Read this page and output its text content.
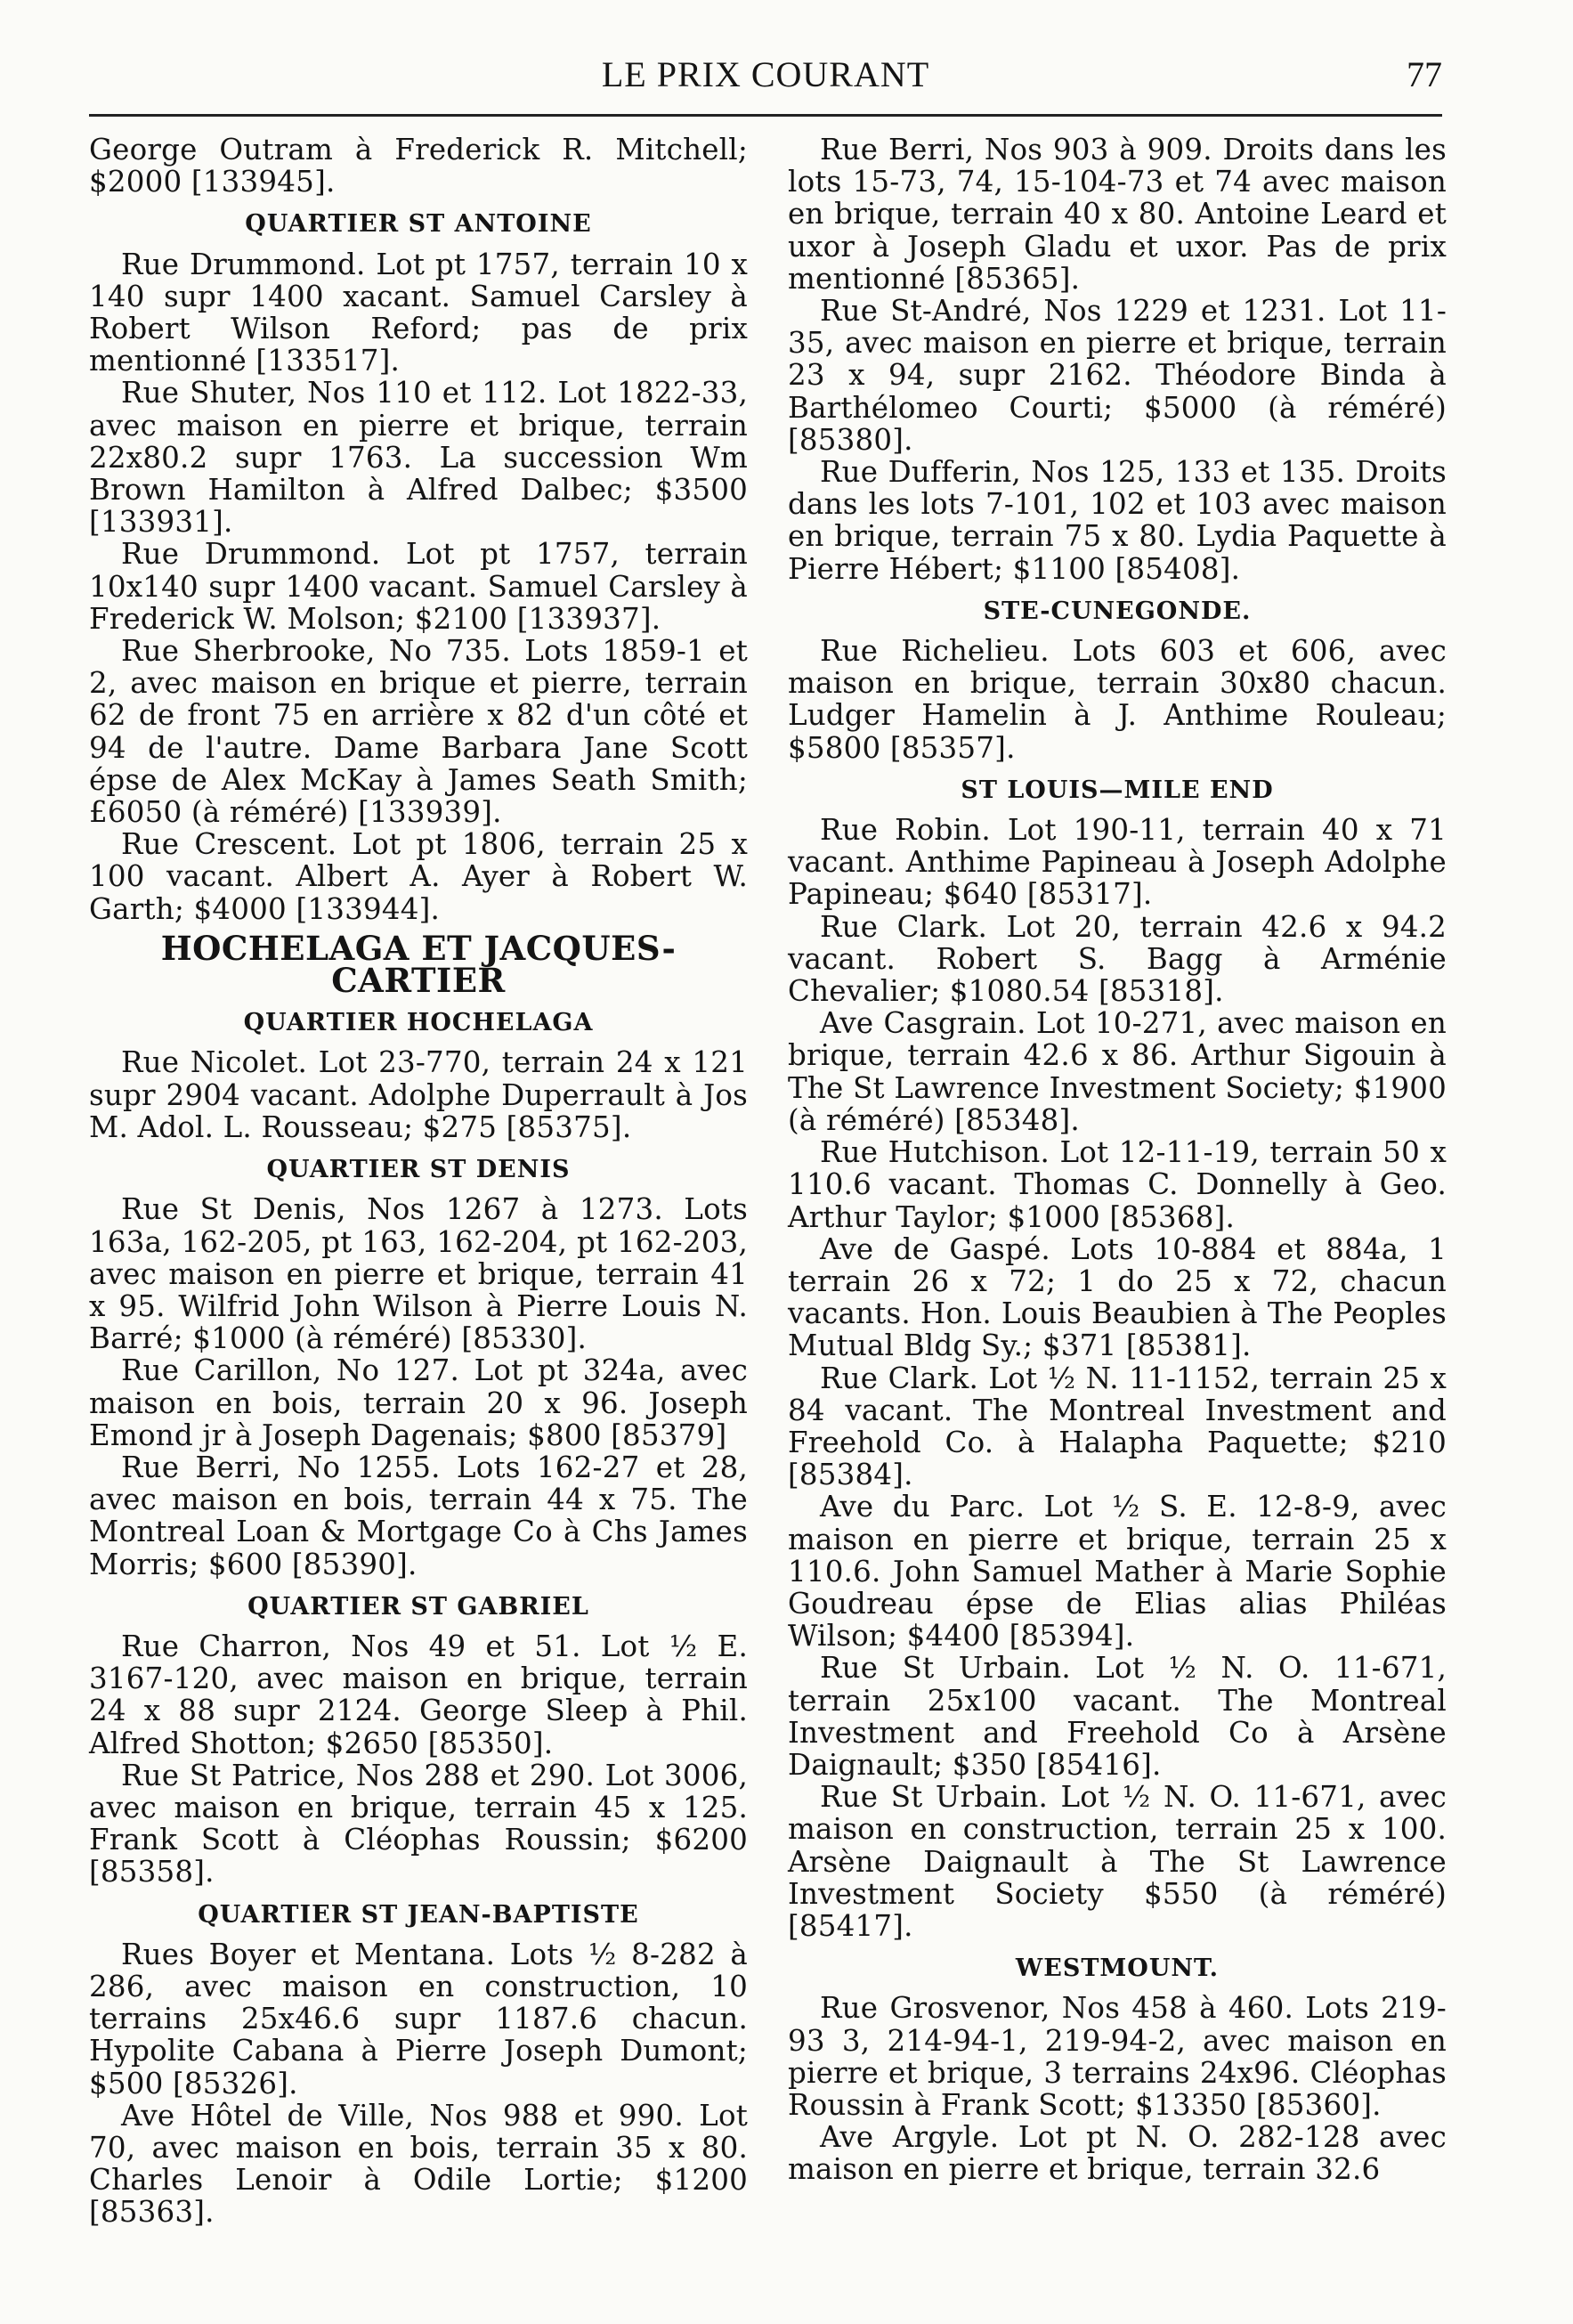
LE PRIX COURANT	77

George Outram à Frederick R. Mitchell; $2000 [133945].

QUARTIER ST ANTOINE

Rue Drummond. Lot pt 1757, terrain 10 x 140 supr 1400 xacant. Samuel Carsley à Robert Wilson Reford; pas de prix mentionné [133517].

Rue Shuter, Nos 110 et 112. Lot 1822-33, avec maison en pierre et brique, terrain 22x80.2 supr 1763. La succession Wm Brown Hamilton à Alfred Dalbec; $3500 [133931].

Rue Drummond. Lot pt 1757, terrain 10x140 supr 1400 vacant. Samuel Carsley à Frederick W. Molson; $2100 [133937].

Rue Sherbrooke, No 735. Lots 1859-1 et 2, avec maison en brique et pierre, terrain 62 de front 75 en arrière x 82 d'un côté et 94 de l'autre. Dame Barbara Jane Scott épse de Alex McKay à James Seath Smith; £6050 (à réméré) [133939].

Rue Crescent. Lot pt 1806, terrain 25 x 100 vacant. Albert A. Ayer à Robert W. Garth; $4000 [133944].

HOCHELAGA ET JACQUES-CARTIER

QUARTIER HOCHELAGA

Rue Nicolet. Lot 23-770, terrain 24 x 121 supr 2904 vacant. Adolphe Duperrault à Jos M. Adol. L. Rousseau; $275 [85375].

QUARTIER ST DENIS

Rue St Denis, Nos 1267 à 1273. Lots 163a, 162-205, pt 163, 162-204, pt 162-203, avec maison en pierre et brique, terrain 41 x 95. Wilfrid John Wilson à Pierre Louis N. Barré; $1000 (à réméré) [85330].

Rue Carillon, No 127. Lot pt 324a, avec maison en bois, terrain 20 x 96. Joseph Emond jr à Joseph Dagenais; $800 [85379]

Rue Berri, No 1255. Lots 162-27 et 28, avec maison en bois, terrain 44 x 75. The Montreal Loan & Mortgage Co à Chs James Morris; $600 [85390].

QUARTIER ST GABRIEL

Rue Charron, Nos 49 et 51. Lot ½ E. 3167-120, avec maison en brique, terrain 24 x 88 supr 2124. George Sleep à Phil. Alfred Shotton; $2650 [85350].

Rue St Patrice, Nos 288 et 290. Lot 3006, avec maison en brique, terrain 45 x 125. Frank Scott à Cléophas Roussin; $6200 [85358].

QUARTIER ST JEAN-BAPTISTE

Rues Boyer et Mentana. Lots ½ 8-282 à 286, avec maison en construction, 10 terrains 25x46.6 supr 1187.6 chacun. Hypolite Cabana à Pierre Joseph Dumont; $500 [85326].

Ave Hôtel de Ville, Nos 988 et 990. Lot 70, avec maison en bois, terrain 35 x 80. Charles Lenoir à Odile Lortie; $1200 [85363].

Rue Berri, Nos 903 à 909. Droits dans les lots 15-73, 74, 15-104-73 et 74 avec maison en brique, terrain 40 x 80. Antoine Leard et uxor à Joseph Gladu et uxor. Pas de prix mentionné [85365].

Rue St-André, Nos 1229 et 1231. Lot 11-35, avec maison en pierre et brique, terrain 23 x 94, supr 2162. Théodore Binda à Barthélomeo Courti; $5000 (à réméré) [85380].

Rue Dufferin, Nos 125, 133 et 135. Droits dans les lots 7-101, 102 et 103 avec maison en brique, terrain 75 x 80. Lydia Paquette à Pierre Hébert; $1100 [85408].

STE-CUNEGONDE.

Rue Richelieu. Lots 603 et 606, avec maison en brique, terrain 30x80 chacun. Ludger Hamelin à J. Anthime Rouleau; $5800 [85357].

ST LOUIS—MILE END

Rue Robin. Lot 190-11, terrain 40 x 71 vacant. Anthime Papineau à Joseph Adolphe Papineau; $640 [85317].

Rue Clark. Lot 20, terrain 42.6 x 94.2 vacant. Robert S. Bagg à Arménie Chevalier; $1080.54 [85318].

Ave Casgrain. Lot 10-271, avec maison en brique, terrain 42.6 x 86. Arthur Sigouin à The St Lawrence Investment Society; $1900 (à réméré) [85348].

Rue Hutchison. Lot 12-11-19, terrain 50 x 110.6 vacant. Thomas C. Donnelly à Geo. Arthur Taylor; $1000 [85368].

Ave de Gaspé. Lots 10-884 et 884a, 1 terrain 26 x 72; 1 do 25 x 72, chacun vacants. Hon. Louis Beaubien à The Peoples Mutual Bldg Sy.; $371 [85381].

Rue Clark. Lot ½ N. 11-1152, terrain 25 x 84 vacant. The Montreal Investment and Freehold Co. à Halapha Paquette; $210 [85384].

Ave du Parc. Lot ½ S. E. 12-8-9, avec maison en pierre et brique, terrain 25 x 110.6. John Samuel Mather à Marie Sophie Goudreau épse de Elias alias Philéas Wilson; $4400 [85394].

Rue St Urbain. Lot ½ N. O. 11-671, terrain 25x100 vacant. The Montreal Investment and Freehold Co à Arsène Daignault; $350 [85416].

Rue St Urbain. Lot ½ N. O. 11-671, avec maison en construction, terrain 25 x 100. Arsène Daignault à The St Lawrence Investment Society $550 (à réméré) [85417].

WESTMOUNT.

Rue Grosvenor, Nos 458 à 460. Lots 219-93 3, 214-94-1, 219-94-2, avec maison en pierre et brique, 3 terrains 24x96. Cléophas Roussin à Frank Scott; $13350 [85360].

Ave Argyle. Lot pt N. O. 282-128 avec maison en pierre et brique, terrain 32.6
